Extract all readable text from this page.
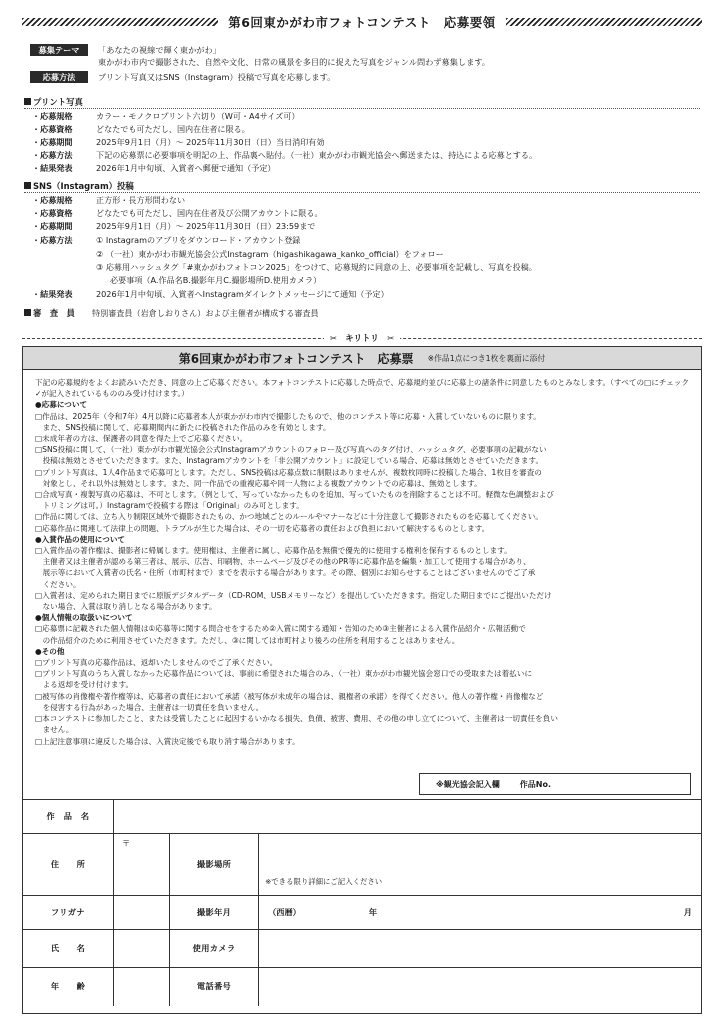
第6回東かがわ市フォトコンテスト　応募要領
募集テーマ	「あなたの視線で輝く東かがわ」
東かがわ市内で撮影された、自然や文化、日常の風景を多目的に捉えた写真をジャンル問わず募集します。
応募方法	プリント写真又はSNS（Instagram）投稿で写真を応募します。
プリント写真
・応募規格	カラー・モノクロプリント六切り（W可・A4サイズ可）
・応募資格	どなたでも可ただし、国内在住者に限る。
・応募期間	2025年9月1日（月）～ 2025年11月30日（日）当日消印有効
・応募方法	下記の応募票に必要事項を明記の上、作品裏へ貼付。（一社）東かがわ市観光協会へ郵送または、持込による応募とする。
・結果発表	2026年1月中旬頃、入賞者へ郵便で通知（予定）
SNS（Instagram）投稿
・応募規格	正方形・長方形問わない
・応募資格	どなたでも可ただし、国内在住者及び公開アカウントに限る。
・応募期間	2025年9月1日（月）～ 2025年11月30日（日）23:59まで
・応募方法	① Instagramのアプリをダウンロード・アカウント登録
② （一社）東かがわ市観光協会公式Instagram（higashikagawa_kanko_official）をフォロー
③ 応募用ハッシュタグ「#東かがわフォトコン2025」をつけて、応募規約に同意の上、必要事項を記載し、写真を投稿。
必要事項（A.作品名B.撮影年月C.撮影場所D.使用カメラ）
・結果発表	2026年1月中旬頃、入賞者へInstagramダイレクトメッセージにて通知（予定）
審　査　員	特別審査員（岩倉しおりさん）および主催者が構成する審査員
✂　キリトリ　✂
第6回東かがわ市フォトコンテスト　応募票 ※作品1点につき1枚を裏面に添付

下記の応募規約をよくお読みいただき、同意の上ご応募ください。本フォトコンテストに応募した時点で、応募規約並びに応募上の諸条件に同意したものとみなします。（すべての□にチェック✓が記入されているもののみ受け付けます。）

●応募について

□作品は、2025年（令和7年）4月以降に応募者本人が東かがわ市内で撮影したもので、他のコンテスト等に応募・入賞していないものに限ります。

　また、SNS投稿に関して、応募期間内に新たに投稿された作品のみを有効とします。

□未成年者の方は、保護者の同意を得た上でご応募ください。

□SNS投稿に関して、（一社）東かがわ市観光協会公式Instagramアカウントのフォロー及び写真へのタグ付け、ハッシュタグ、必要事項の記載がない

　投稿は無効とさせていただきます。また、Instagramアカウントを「非公開アカウント」に設定している場合、応募は無効とさせていただきます。

□プリント写真は、1人4作品まで応募可とします。ただし、SNS投稿は応募点数に制限はありませんが、複数枚同時に投稿した場合、1枚目を審査の

　対象とし、それ以外は無効とします。また、同一作品での重複応募や同一人物による複数アカウントでの応募は、無効とします。

□合成写真・複製写真の応募は、不可とします。（例として、写っていなかったものを追加、写っていたものを削除することは不可。軽微な色調整および

　トリミングは可。）Instagramで投稿する際は「Original」のみ可とします。

□作品に関しては、立ち入り制限区域外で撮影されたもの、かつ地域ごとのルールやマナーなどに十分注意して撮影されたものを応募してください。

□応募作品に関連して法律上の問題、トラブルが生じた場合は、その一切を応募者の責任および負担において解決するものとします。

●入賞作品の使用について

□入賞作品の著作権は、撮影者に帰属します。使用権は、主催者に属し、応募作品を無償で優先的に使用する権利を保有するものとします。

　主催者又は主催者が認める第三者は、展示、広告、印刷物、ホームページ及びその他のPR等に応募作品を編集・加工して使用する場合があり、

　展示等において入賞者の氏名・住所（市町村まで）までを表示する場合があります。その際、個別にお知らせすることはございませんのでご了承

　ください。

□入賞者は、定められた期日までに原版デジタルデータ（CD-ROM、USBメモリーなど）を提出していただきます。指定した期日までにご提出いただけ

　ない場合、入賞は取り消しとなる場合があります。

●個人情報の取扱いについて

□応募票に記載された個人情報は①応募等に関する問合せをするため②入賞に関する通知・告知のため③主催者による入賞作品紹介・広報活動で

　の作品紹介のために利用させていただきます。ただし、③に関しては市町村より後ろの住所を利用することはありません。

●その他

□プリント写真の応募作品は、返却いたしませんのでご了承ください。

□プリント写真のうち入賞しなかった応募作品については、事前に希望された場合のみ、（一社）東かがわ市観光協会窓口での受取または着払いに

　よる返却を受け付けます。

□被写体の肖像権や著作権等は、応募者の責任において承諾（被写体が未成年の場合は、親権者の承諾）を得てください。他人の著作権・肖像権など

　を侵害する行為があった場合、主催者は一切責任を負いません。

□本コンテストに参加したこと、または受賞したことに起因するいかなる損失、負債、被害、費用、その他の申し立てについて、主催者は一切責任を負い

　ません。

□上記注意事項に違反した場合は、入賞決定後でも取り消す場合があります。

※観光協会記入欄	作品No.
作　品　名			
住　　所	〒	撮影場所	※できる限り詳細にご記入ください
フリガナ		撮影年月	（西暦） 年 月

氏　　名		使用カメラ	
年　　齢		電話番号	
